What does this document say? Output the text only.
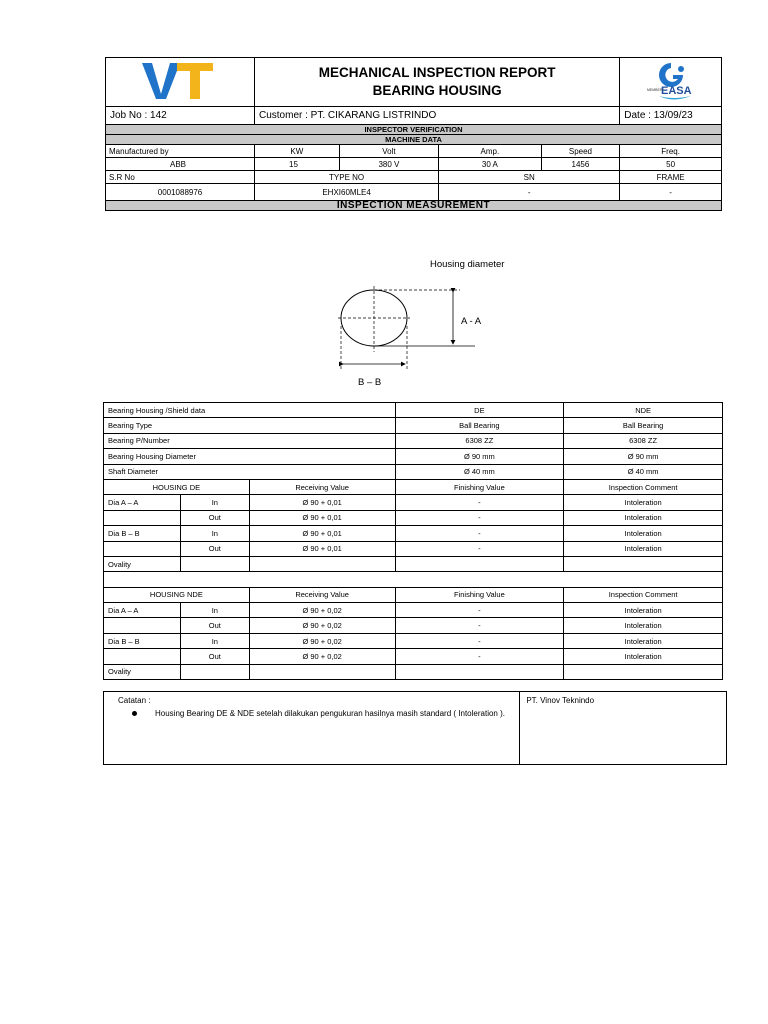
MECHANICAL INSPECTION REPORT
BEARING HOUSING				EASA
MEMBER

Job No : 142	Customer : PT. CIKARANG LISTRINDO				Date : 13/09/23
INSPECTOR VERIFICATION					
MACHINE DATA					
Manufactured by	KW	Volt	Amp.	Speed	Freq.
ABB	15	380 V	30 A	1456	50
S.R No	TYPE NO		SN		FRAME
0001088976	EHXI60MLE4		-		-
INSPECTION MEASUREMENT					
Housing diameter
A - A
B – B
Bearing Housing /Shield data			DE	NDE
Bearing Type			Ball Bearing	Ball Bearing
Bearing P/Number			6308 ZZ	6308 ZZ
Bearing Housing Diameter			Ø 90 mm	Ø 90 mm
Shaft Diameter			Ø 40 mm	Ø 40 mm
HOUSING DE		Receiving Value	Finishing Value	Inspection Comment
Dia A – A	In	Ø 90 + 0,01	-	Intoleration
	Out	Ø 90 + 0,01	-	Intoleration
Dia B – B	In	Ø 90 + 0,01	-	Intoleration
	Out	Ø 90 + 0,01	-	Intoleration
Ovality				

HOUSING NDE		Receiving Value	Finishing Value	Inspection Comment
Dia A – A	In	Ø 90 + 0,02	-	Intoleration
	Out	Ø 90 + 0,02	-	Intoleration
Dia B – B	In	Ø 90 + 0,02	-	Intoleration
	Out	Ø 90 + 0,02	-	Intoleration
Ovality				
Catatan :
Housing Bearing DE & NDE setelah dilakukan pengukuran hasilnya masih standard ( Intoleration ).
	PT. Vinov Teknindo
